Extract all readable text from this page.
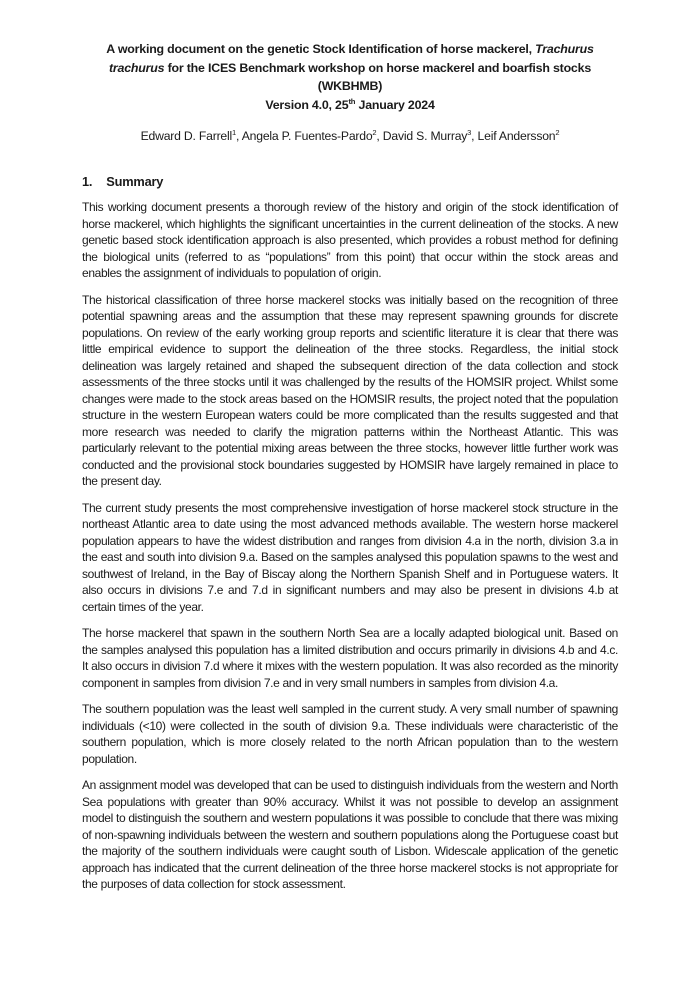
A working document on the genetic Stock Identification of horse mackerel, Trachurus trachurus for the ICES Benchmark workshop on horse mackerel and boarfish stocks
(WKBHMB)
Version 4.0, 25th January 2024
Edward D. Farrell$^1$, Angela P. Fuentes-Pardo$^2$, David S. Murray$^3$, Leif Andersson$^2$
1. Summary

This working document presents a thorough review of the history and origin of the stock identification of horse mackerel, which highlights the significant uncertainties in the current delineation of the stocks. A new genetic based stock identification approach is also presented, which provides a robust method for defining the biological units (referred to as “populations” from this point) that occur within the stock areas and enables the assignment of individuals to population of origin.

The historical classification of three horse mackerel stocks was initially based on the recognition of three potential spawning areas and the assumption that these may represent spawning grounds for discrete populations. On review of the early working group reports and scientific literature it is clear that there was little empirical evidence to support the delineation of the three stocks. Regardless, the initial stock delineation was largely retained and shaped the subsequent direction of the data collection and stock assessments of the three stocks until it was challenged by the results of the HOMSIR project. Whilst some changes were made to the stock areas based on the HOMSIR results, the project noted that the population structure in the western European waters could be more complicated than the results suggested and that more research was needed to clarify the migration patterns within the Northeast Atlantic. This was particularly relevant to the potential mixing areas between the three stocks, however little further work was conducted and the provisional stock boundaries suggested by HOMSIR have largely remained in place to the present day.

The current study presents the most comprehensive investigation of horse mackerel stock structure in the northeast Atlantic area to date using the most advanced methods available. The western horse mackerel population appears to have the widest distribution and ranges from division 4.a in the north, division 3.a in the east and south into division 9.a. Based on the samples analysed this population spawns to the west and southwest of Ireland, in the Bay of Biscay along the Northern Spanish Shelf and in Portuguese waters. It also occurs in divisions 7.e and 7.d in significant numbers and may also be present in divisions 4.b at certain times of the year.

The horse mackerel that spawn in the southern North Sea are a locally adapted biological unit. Based on the samples analysed this population has a limited distribution and occurs primarily in divisions 4.b and 4.c. It also occurs in division 7.d where it mixes with the western population. It was also recorded as the minority component in samples from division 7.e and in very small numbers in samples from division 4.a.

The southern population was the least well sampled in the current study. A very small number of spawning individuals (<10) were collected in the south of division 9.a. These individuals were characteristic of the southern population, which is more closely related to the north African population than to the western population.

An assignment model was developed that can be used to distinguish individuals from the western and North Sea populations with greater than 90% accuracy. Whilst it was not possible to develop an assignment model to distinguish the southern and western populations it was possible to conclude that there was mixing of non-spawning individuals between the western and southern populations along the Portuguese coast but the majority of the southern individuals were caught south of Lisbon. Widescale application of the genetic approach has indicated that the current delineation of the three horse mackerel stocks is not appropriate for the purposes of data collection for stock assessment.
